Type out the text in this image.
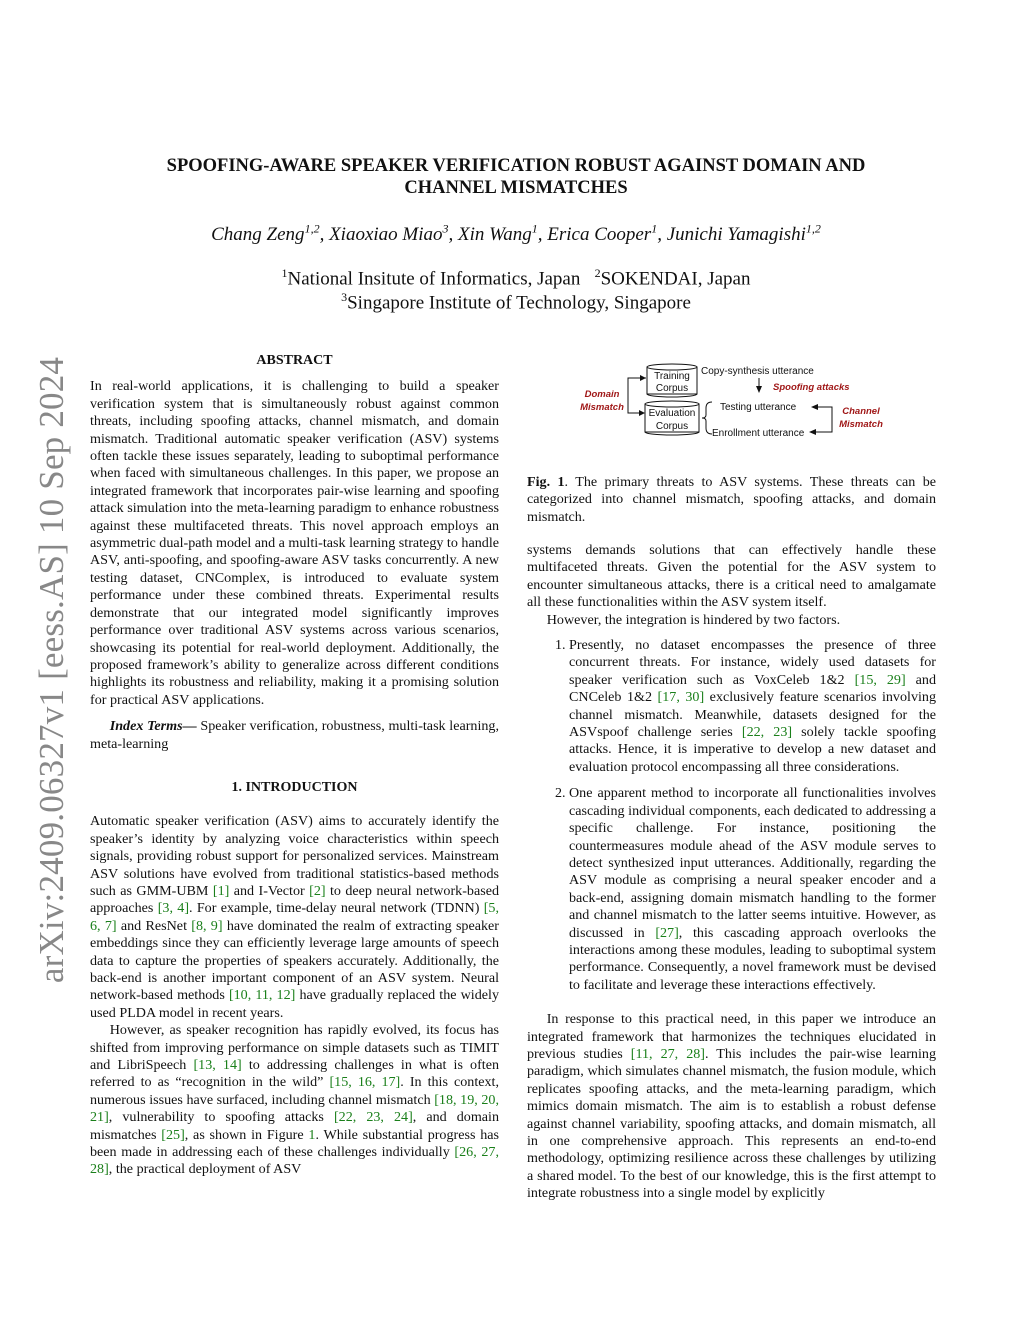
arXiv:2409.06327v1 [eess.AS] 10 Sep 2024
SPOOFING-AWARE SPEAKER VERIFICATION ROBUST AGAINST DOMAIN AND
CHANNEL MISMATCHES
Chang Zeng$^{1,2}$, Xiaoxiao Miao$^3$, Xin Wang$^1$, Erica Cooper$^1$, Junichi Yamagishi$^{1,2}$
$^1$National Insitute of Informatics, Japan $^2$SOKENDAI, Japan
$^3$Singapore Institute of Technology, Singapore
ABSTRACT

In real-world applications, it is challenging to build a speaker verification system that is simultaneously robust against common threats, including spoofing attacks, channel mismatch, and domain mismatch. Traditional automatic speaker verification (ASV) systems often tackle these issues separately, leading to suboptimal performance when faced with simultaneous challenges. In this paper, we propose an integrated framework that incorporates pair-wise learning and spoofing attack simulation into the meta-learning paradigm to enhance robustness against these multifaceted threats. This novel approach employs an asymmetric dual-path model and a multi-task learning strategy to handle ASV, anti-spoofing, and spoofing-aware ASV tasks concurrently. A new testing dataset, CNComplex, is introduced to evaluate system performance under these combined threats. Experimental results demonstrate that our integrated model significantly improves performance over traditional ASV systems across various scenarios, showcasing its potential for real-world deployment. Additionally, the proposed framework’s ability to generalize across different conditions highlights its robustness and reliability, making it a promising solution for practical ASV applications.

Index Terms— Speaker verification, robustness, multi-task learning, meta-learning

1. INTRODUCTION

Automatic speaker verification (ASV) aims to accurately identify the speaker’s identity by analyzing voice characteristics within speech signals, providing robust support for personalized services. Mainstream ASV solutions have evolved from traditional statistics-based methods such as GMM-UBM [1] and I-Vector [2] to deep neural network-based approaches [3, 4]. For example, time-delay neural network (TDNN) [5, 6, 7] and ResNet [8, 9] have dominated the realm of extracting speaker embeddings since they can efficiently leverage large amounts of speech data to capture the properties of speakers accurately. Additionally, the back-end is another important component of an ASV system. Neural network-based methods [10, 11, 12] have gradually replaced the widely used PLDA model in recent years.

However, as speaker recognition has rapidly evolved, its focus has shifted from improving performance on simple datasets such as TIMIT and LibriSpeech [13, 14] to addressing challenges in what is often referred to as “recognition in the wild” [15, 16, 17]. In this context, numerous issues have surfaced, including channel mismatch [18, 19, 20, 21], vulnerability to spoofing attacks [22, 23, 24], and domain mismatches [25], as shown in Figure 1. While substantial progress has been made in addressing each of these challenges individually [26, 27, 28], the practical deployment of ASV

Training
Corpus
Evaluation
Corpus
Domain
Mismatch
Copy-synthesis utterance
Spoofing attacks
Testing utterance
Enrollment utterance
Channel
Mismatch
Fig. 1. The primary threats to ASV systems. These threats can be categorized into channel mismatch, spoofing attacks, and domain mismatch.

systems demands solutions that can effectively handle these multifaceted threats. Given the potential for the ASV system to encounter simultaneous attacks, there is a critical need to amalgamate all these functionalities within the ASV system itself.

However, the integration is hindered by two factors.

1. Presently, no dataset encompasses the presence of three concurrent threats. For instance, widely used datasets for speaker verification such as VoxCeleb 1&2 [15, 29] and CNCeleb 1&2 [17, 30] exclusively feature scenarios involving channel mismatch. Meanwhile, datasets designed for the ASVspoof challenge series [22, 23] solely tackle spoofing attacks. Hence, it is imperative to develop a new dataset and evaluation protocol encompassing all three considerations.
2. One apparent method to incorporate all functionalities involves cascading individual components, each dedicated to addressing a specific challenge. For instance, positioning the countermeasures module ahead of the ASV module serves to detect synthesized input utterances. Additionally, regarding the ASV module as comprising a neural speaker encoder and a back-end, assigning domain mismatch handling to the former and channel mismatch to the latter seems intuitive. However, as discussed in [27], this cascading approach overlooks the interactions among these modules, leading to suboptimal system performance. Consequently, a novel framework must be devised to facilitate and leverage these interactions effectively.

In response to this practical need, in this paper we introduce an integrated framework that harmonizes the techniques elucidated in previous studies [11, 27, 28]. This includes the pair-wise learning paradigm, which simulates channel mismatch, the fusion module, which replicates spoofing attacks, and the meta-learning paradigm, which mimics domain mismatch. The aim is to establish a robust defense against channel variability, spoofing attacks, and domain mismatch, all in one comprehensive approach. This represents an end-to-end methodology, optimizing resilience across these challenges by utilizing a shared model. To the best of our knowledge, this is the first attempt to integrate robustness into a single model by explicitly
